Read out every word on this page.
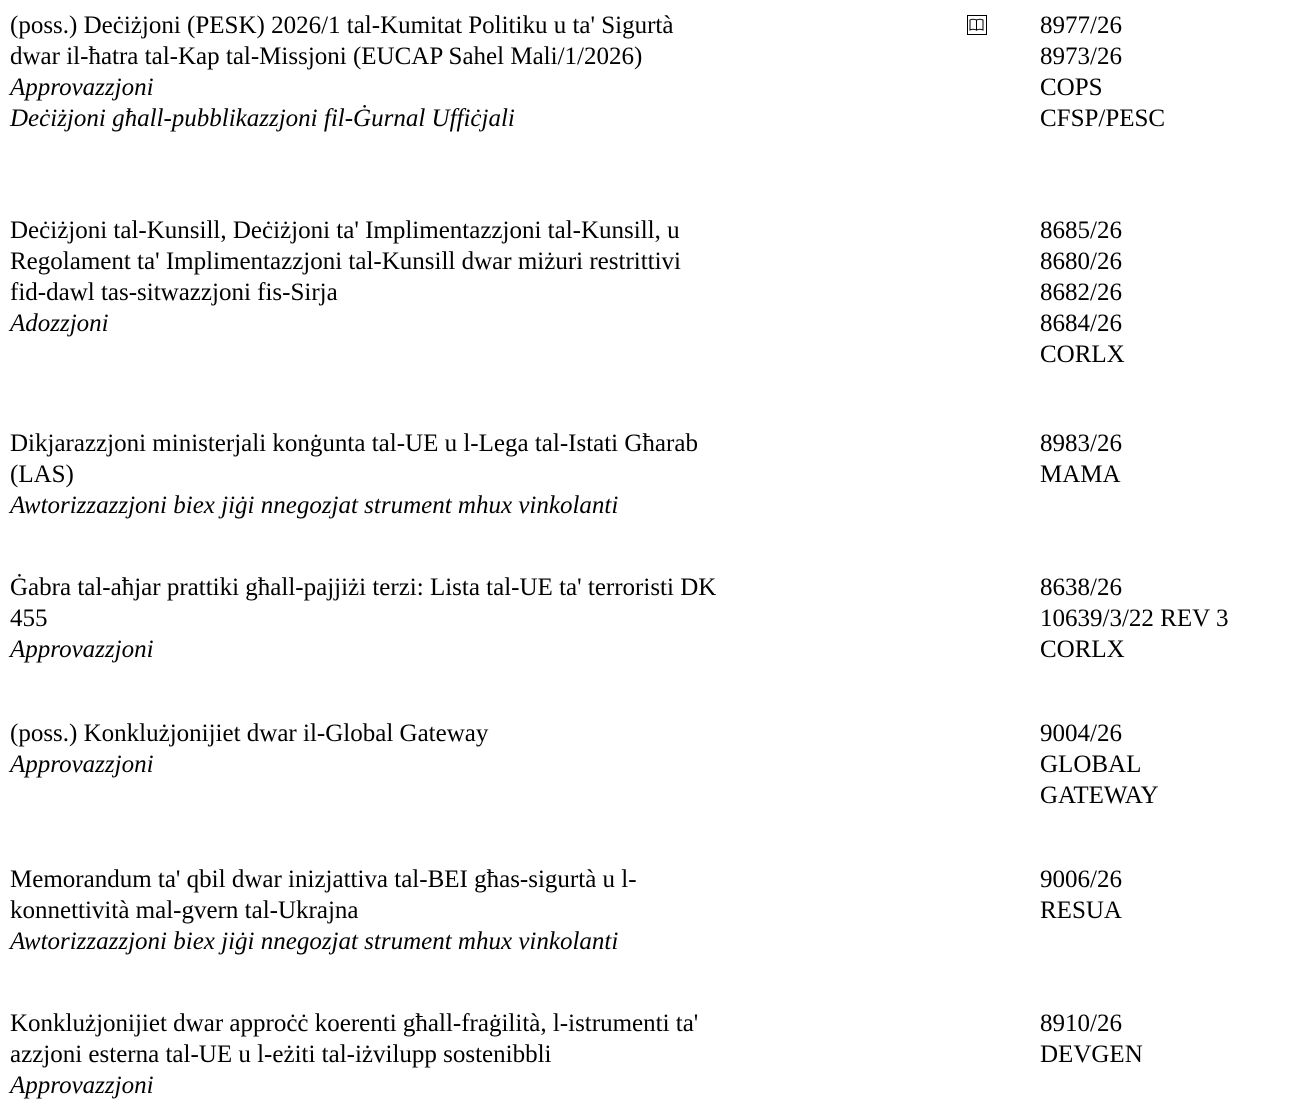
(poss.) Deċiżjoni (PESK) 2026/1 tal-Kumitat Politiku u ta' Sigurtà
dwar il-ħatra tal-Kap tal-Missjoni (EUCAP Sahel Mali/1/2026)
Approvazzjoni
Deċiżjoni għall-pubblikazzjoni fil-Ġurnal Uffiċjali
8977/26
8973/26
COPS
CFSP/PESC
Deċiżjoni tal-Kunsill, Deċiżjoni ta' Implimentazzjoni tal-Kunsill, u
Regolament ta' Implimentazzjoni tal-Kunsill dwar miżuri restrittivi
fid-dawl tas-sitwazzjoni fis-Sirja
Adozzjoni
8685/26
8680/26
8682/26
8684/26
CORLX
Dikjarazzjoni ministerjali konġunta tal-UE u l-Lega tal-Istati Għarab
(LAS)
Awtorizzazzjoni biex jiġi nnegozjat strument mhux vinkolanti
8983/26
MAMA
Ġabra tal-aħjar prattiki għall-pajjiżi terzi: Lista tal-UE ta' terroristi DK
455
Approvazzjoni
8638/26
10639/3/22 REV 3
CORLX
(poss.) Konklużjonijiet dwar il-Global Gateway
Approvazzjoni
9004/26
GLOBAL
GATEWAY
Memorandum ta' qbil dwar inizjattiva tal-BEI għas-sigurtà u l-
konnettività mal-gvern tal-Ukrajna
Awtorizzazzjoni biex jiġi nnegozjat strument mhux vinkolanti
9006/26
RESUA
Konklużjonijiet dwar approċċ koerenti għall-fraġilità, l-istrumenti ta'
azzjoni esterna tal-UE u l-eżiti tal-iżvilupp sostenibbli
Approvazzjoni
8910/26
DEVGEN
